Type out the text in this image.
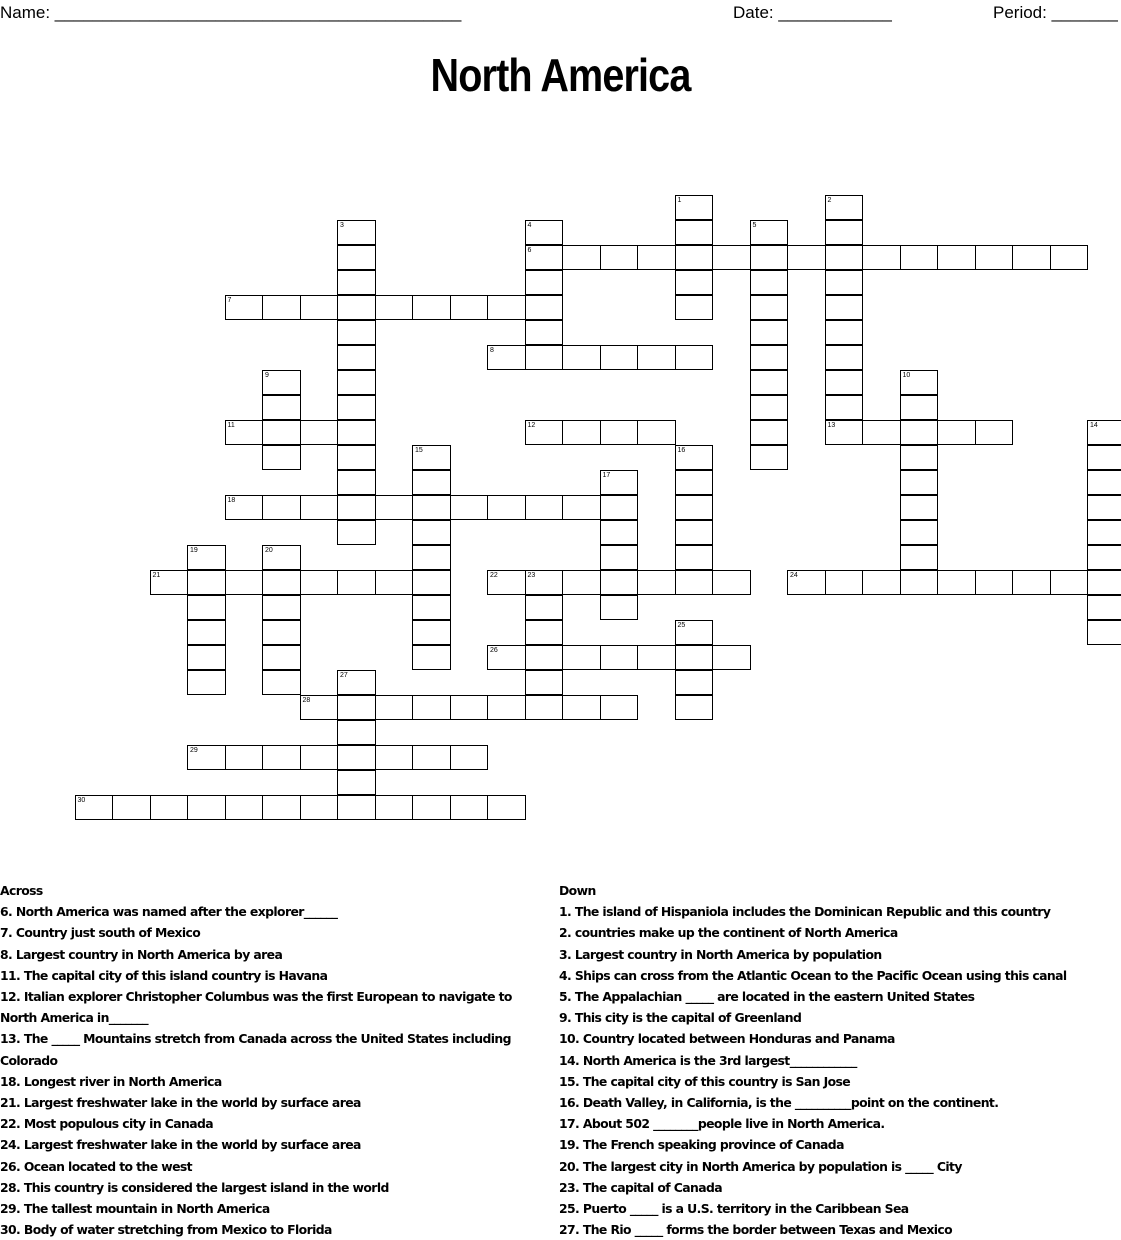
Name: ___________________________________________	Date: ____________	Period: _______
North America
1	2
3	4
6
5
7
8
9	10
11	12	13	14
15	16
17
18
19	20
21	22	23	24
25
26
27
28
29
30
Across
6. North America was named after the explorer______
7. Country just south of Mexico
8. Largest country in North America by area
11. The capital city of this island country is Havana
12. Italian explorer Christopher Columbus was the first European to navigate to North America in_______
13. The _____ Mountains stretch from Canada across the United States including Colorado
18. Longest river in North America
21. Largest freshwater lake in the world by surface area
22. Most populous city in Canada
24. Largest freshwater lake in the world by surface area
26. Ocean located to the west
28. This country is considered the largest island in the world
29. The tallest mountain in North America
30. Body of water stretching from Mexico to Florida
Down
1. The island of Hispaniola includes the Dominican Republic and this country
2. countries make up the continent of North America
3. Largest country in North America by population
4. Ships can cross from the Atlantic Ocean to the Pacific Ocean using this canal
5. The Appalachian _____ are located in the eastern United States
9. This city is the capital of Greenland
10. Country located between Honduras and Panama
14. North America is the 3rd largest____________
15. The capital city of this country is San Jose
16. Death Valley, in California, is the __________point on the continent.
17. About 502 ________people live in North America.
19. The French speaking province of Canada
20. The largest city in North America by population is _____ City
23. The capital of Canada
25. Puerto _____ is a U.S. territory in the Caribbean Sea
27. The Rio _____ forms the border between Texas and Mexico
